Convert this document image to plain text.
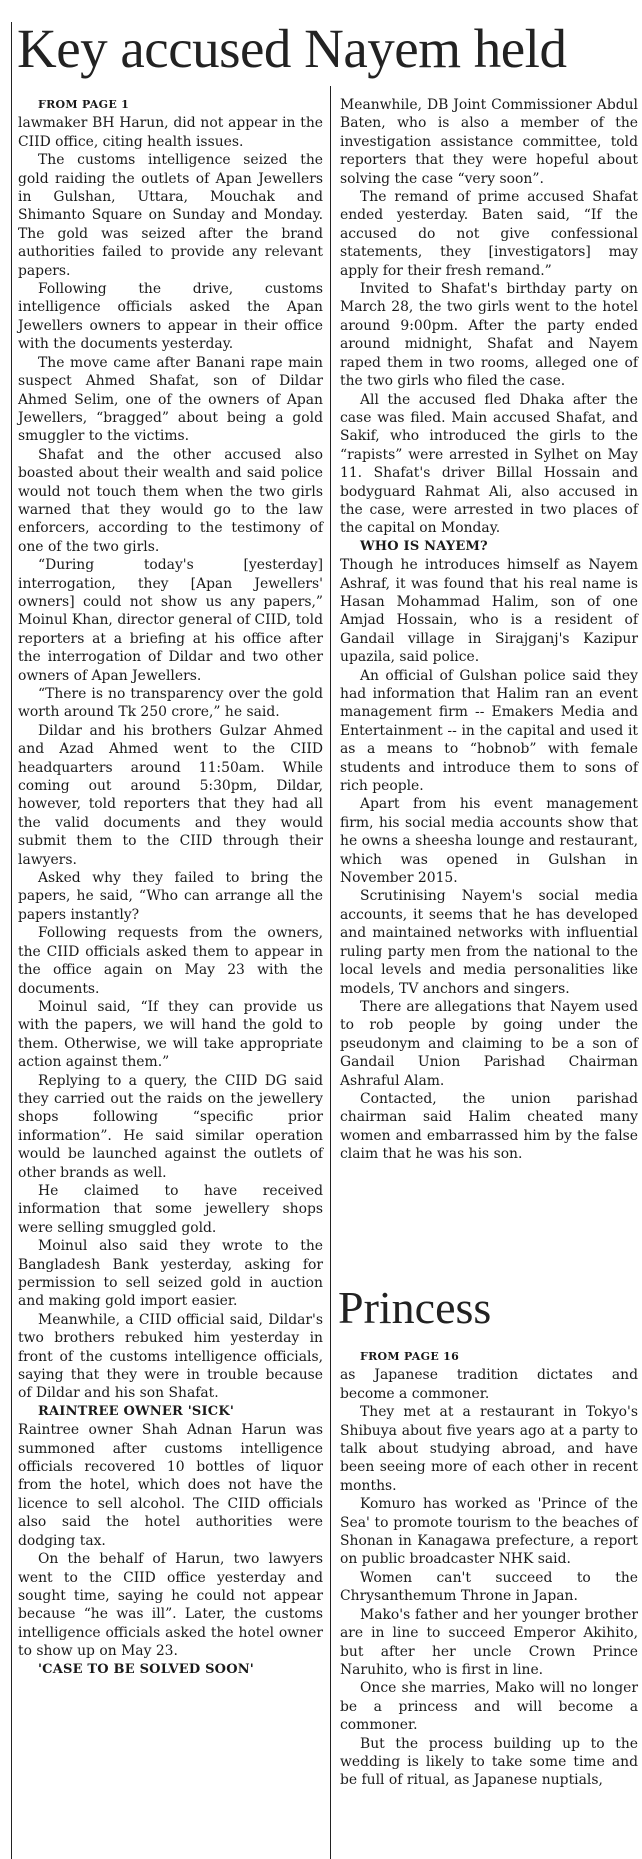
Key accused Nayem held

FROM PAGE 1

lawmaker BH Harun, did not appear in the CIID office, citing health issues.

The customs intelligence seized the gold raiding the outlets of Apan Jewellers in Gulshan, Uttara, Mouchak and Shimanto Square on Sunday and Monday. The gold was seized after the brand authorities failed to provide any relevant papers.

Following the drive, customs intelligence officials asked the Apan Jewellers owners to appear in their office with the documents yesterday.

The move came after Banani rape main suspect Ahmed Shafat, son of Dildar Ahmed Selim, one of the owners of Apan Jewellers, “bragged” about being a gold smuggler to the victims.

Shafat and the other accused also boasted about their wealth and said police would not touch them when the two girls warned that they would go to the law enforcers, according to the testimony of one of the two girls.

“During today's [yesterday] interrogation, they [Apan Jewellers' owners] could not show us any papers,” Moinul Khan, director general of CIID, told reporters at a briefing at his office after the interrogation of Dildar and two other owners of Apan Jewellers.

“There is no transparency over the gold worth around Tk 250 crore,” he said.

Dildar and his brothers Gulzar Ahmed and Azad Ahmed went to the CIID headquarters around 11:50am. While coming out around 5:30pm, Dildar, however, told reporters that they had all the valid documents and they would submit them to the CIID through their lawyers.

Asked why they failed to bring the papers, he said, “Who can arrange all the papers instantly?

Following requests from the owners, the CIID officials asked them to appear in the office again on May 23 with the documents.

Moinul said, “If they can provide us with the papers, we will hand the gold to them. Otherwise, we will take appropriate action against them.”

Replying to a query, the CIID DG said they carried out the raids on the jewellery shops following “specific prior information”. He said similar operation would be launched against the outlets of other brands as well.

He claimed to have received information that some jewellery shops were selling smuggled gold.

Moinul also said they wrote to the Bangladesh Bank yesterday, asking for permission to sell seized gold in auction and making gold import easier.

Meanwhile, a CIID official said, Dildar's two brothers rebuked him yesterday in front of the customs intelligence officials, saying that they were in trouble because of Dildar and his son Shafat.

RAINTREE OWNER 'SICK'

Raintree owner Shah Adnan Harun was summoned after customs intelligence officials recovered 10 bottles of liquor from the hotel, which does not have the licence to sell alcohol. The CIID officials also said the hotel authorities were dodging tax.

On the behalf of Harun, two lawyers went to the CIID office yesterday and sought time, saying he could not appear because “he was ill”. Later, the customs intelligence officials asked the hotel owner to show up on May 23.

'CASE TO BE SOLVED SOON'

Meanwhile, DB Joint Commissioner Abdul Baten, who is also a member of the investigation assistance committee, told reporters that they were hopeful about solving the case “very soon”.

The remand of prime accused Shafat ended yesterday. Baten said, “If the accused do not give confessional statements, they [investigators] may apply for their fresh remand.”

Invited to Shafat's birthday party on March 28, the two girls went to the hotel around 9:00pm. After the party ended around midnight, Shafat and Nayem raped them in two rooms, alleged one of the two girls who filed the case.

All the accused fled Dhaka after the case was filed. Main accused Shafat, and Sakif, who introduced the girls to the “rapists” were arrested in Sylhet on May 11. Shafat's driver Billal Hossain and bodyguard Rahmat Ali, also accused in the case, were arrested in two places of the capital on Monday.

WHO IS NAYEM?

Though he introduces himself as Nayem Ashraf, it was found that his real name is Hasan Mohammad Halim, son of one Amjad Hossain, who is a resident of Gandail village in Sirajganj's Kazipur upazila, said police.

An official of Gulshan police said they had information that Halim ran an event management firm -- Emakers Media and Entertainment -- in the capital and used it as a means to “hobnob” with female students and introduce them to sons of rich people.

Apart from his event management firm, his social media accounts show that he owns a sheesha lounge and restaurant, which was opened in Gulshan in November 2015.

Scrutinising Nayem's social media accounts, it seems that he has developed and maintained networks with influential ruling party men from the national to the local levels and media personalities like models, TV anchors and singers.

There are allegations that Nayem used to rob people by going under the pseudonym and claiming to be a son of Gandail Union Parishad Chairman Ashraful Alam.

Contacted, the union parishad chairman said Halim cheated many women and embarrassed him by the false claim that he was his son.

Princess

FROM PAGE 16

as Japanese tradition dictates and become a commoner.

They met at a restaurant in Tokyo's Shibuya about five years ago at a party to talk about studying abroad, and have been seeing more of each other in recent months.

Komuro has worked as 'Prince of the Sea' to promote tourism to the beaches of Shonan in Kanagawa prefecture, a report on public broadcaster NHK said.

Women can't succeed to the Chrysanthemum Throne in Japan.

Mako's father and her younger brother are in line to succeed Emperor Akihito, but after her uncle Crown Prince Naruhito, who is first in line.

Once she marries, Mako will no longer be a princess and will become a commoner.

But the process building up to the wedding is likely to take some time and be full of ritual, as Japanese nuptials,
